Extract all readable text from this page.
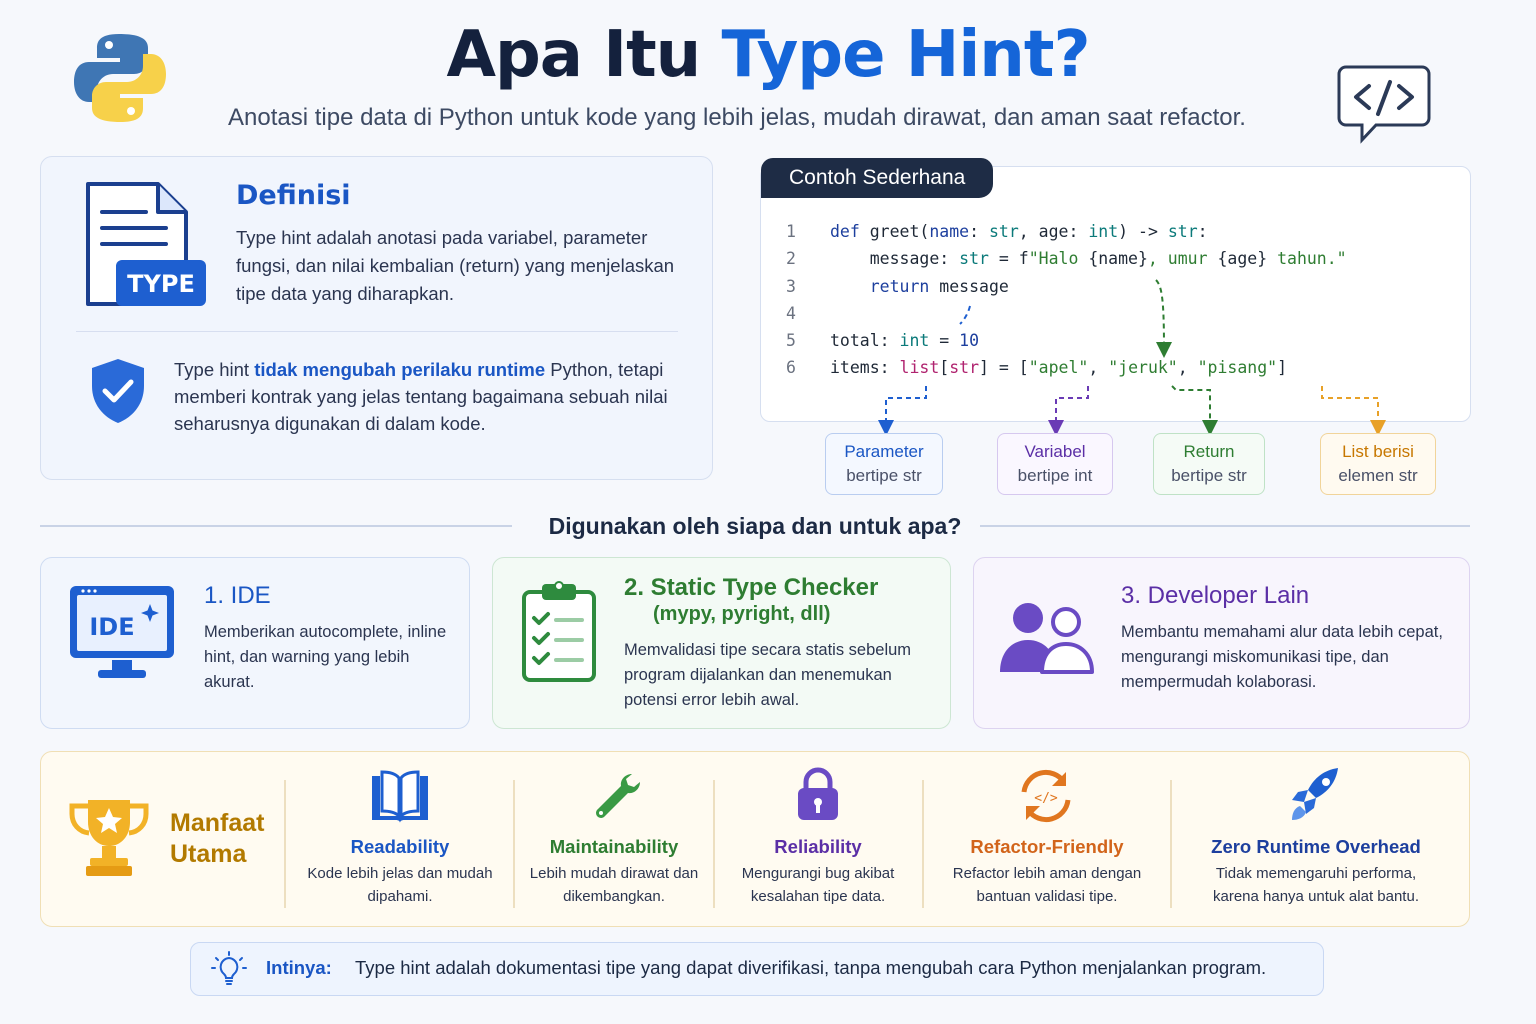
Apa Itu Type Hint?
Anotasi tipe data di Python untuk kode yang lebih jelas, mudah dirawat, dan aman saat refactor.
TYPE
Definisi
Type hint adalah anotasi pada variabel, parameter fungsi, dan nilai kembalian (return) yang menjelaskan tipe data yang diharapkan.
Type hint tidak mengubah perilaku runtime Python, tetapi memberi kontrak yang jelas tentang bagaimana sebuah nilai seharusnya digunakan di dalam kode.
Contoh Sederhana
1 def greet(name: str, age: int) -> str:
2    message: str = f"Halo {name}, umur {age} tahun."
3	return message
4
5 total: int = 10
6 items: list[str] = ["apel", "jeruk", "pisang"]
Parameter
bertipe str
Variabel
bertipe int
Return
bertipe str
List berisi
elemen str
Digunakan oleh siapa dan untuk apa?
IDE
1. IDE
Memberikan autocomplete, inline hint, dan warning yang lebih akurat.
2. Static Type Checker
(mypy, pyright, dll)
Memvalidasi tipe secara statis sebelum program dijalankan dan menemukan potensi error lebih awal.
3. Developer Lain
Membantu memahami alur data lebih cepat, mengurangi miskomunikasi tipe, dan mempermudah kolaborasi.
Manfaat
Utama	Readability
Kode lebih jelas dan mudah dipahami.
Maintainability
Lebih mudah dirawat dan dikembangkan.
Reliability
Mengurangi bug akibat kesalahan tipe data.
</>
Refactor-Friendly
Refactor lebih aman dengan bantuan validasi tipe.
Zero Runtime Overhead
Tidak memengaruhi performa, karena hanya untuk alat bantu.
Intinya: Type hint adalah dokumentasi tipe yang dapat diverifikasi, tanpa mengubah cara Python menjalankan program.
